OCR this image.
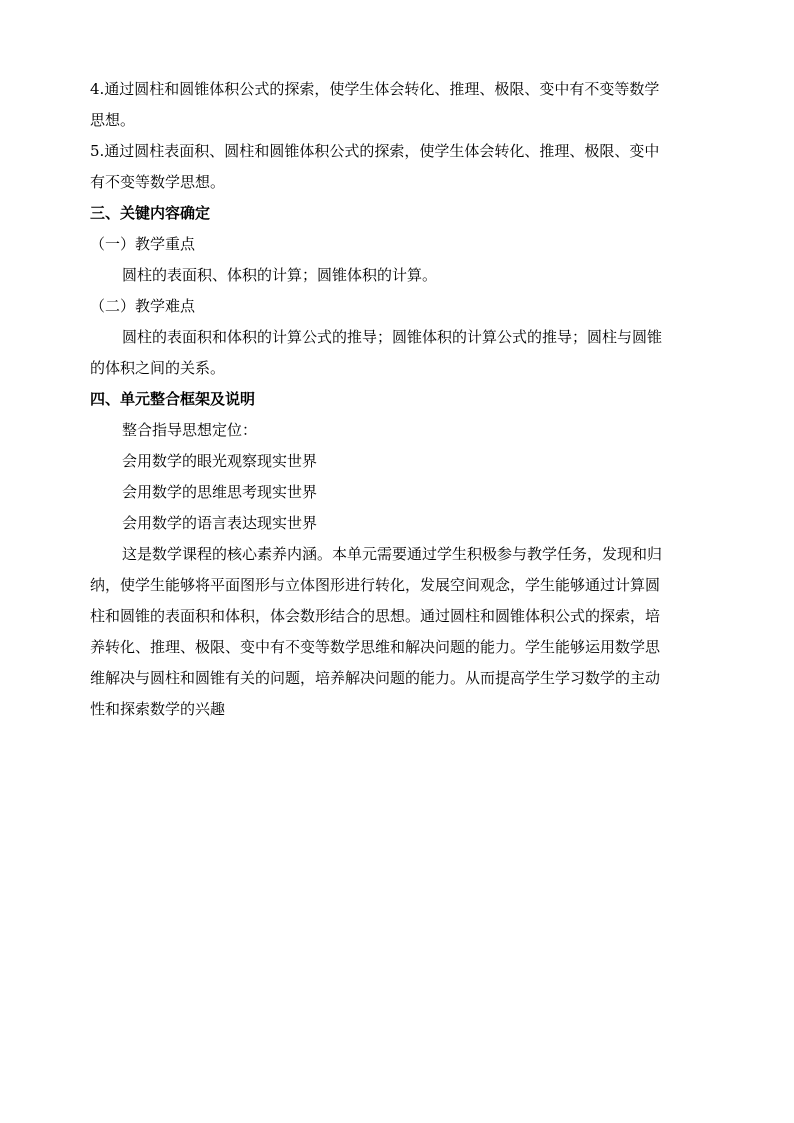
4.通过圆柱和圆锥体积公式的探索，使学生体会转化、推理、极限、变中有不变等数学
思想。
5.通过圆柱表面积、圆柱和圆锥体积公式的探索，使学生体会转化、推理、极限、变中
有不变等数学思想。
三、关键内容确定
（一）教学重点
圆柱的表面积、体积的计算；圆锥体积的计算。
（二）教学难点
圆柱的表面积和体积的计算公式的推导；圆锥体积的计算公式的推导；圆柱与圆锥
的体积之间的关系。
四、单元整合框架及说明
整合指导思想定位：
会用数学的眼光观察现实世界
会用数学的思维思考现实世界
会用数学的语言表达现实世界
这是数学课程的核心素养内涵。本单元需要通过学生积极参与教学任务，发现和归
纳，使学生能够将平面图形与立体图形进行转化，发展空间观念，学生能够通过计算圆
柱和圆锥的表面积和体积，体会数形结合的思想。通过圆柱和圆锥体积公式的探索，培
养转化、推理、极限、变中有不变等数学思维和解决问题的能力。学生能够运用数学思
维解决与圆柱和圆锥有关的问题，培养解决问题的能力。从而提高学生学习数学的主动
性和探索数学的兴趣
